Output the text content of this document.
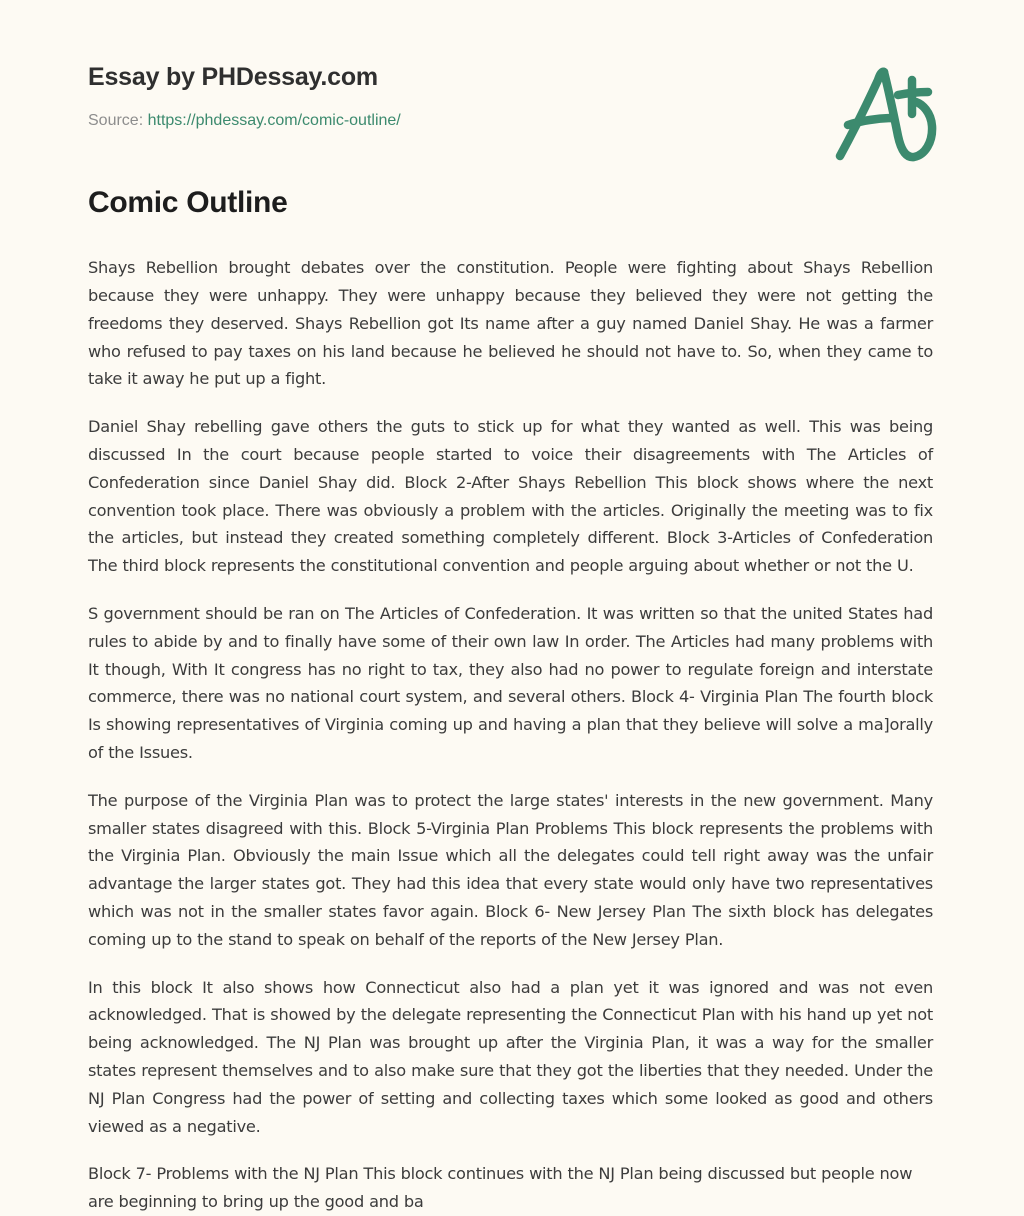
Essay by PHDessay.com
Source: https://phdessay.com/comic-outline/
Comic Outline

Shays Rebellion brought debates over the constitution. People were fighting about Shays Rebellion because they were unhappy. They were unhappy because they believed they were not getting the freedoms they deserved. Shays Rebellion got Its name after a guy named Daniel Shay. He was a farmer who refused to pay taxes on his land because he believed he should not have to. So, when they came to take it away he put up a fight.

Daniel Shay rebelling gave others the guts to stick up for what they wanted as well. This was being discussed In the court because people started to voice their disagreements with The Articles of Confederation since Daniel Shay did. Block 2-After Shays Rebellion This block shows where the next convention took place. There was obviously a problem with the articles. Originally the meeting was to fix the articles, but instead they created something completely different. Block 3-Articles of Confederation The third block represents the constitutional convention and people arguing about whether or not the U.

S government should be ran on The Articles of Confederation. It was written so that the united States had rules to abide by and to finally have some of their own law In order. The Articles had many problems with It though, With It congress has no right to tax, they also had no power to regulate foreign and interstate commerce, there was no national court system, and several others. Block 4- Virginia Plan The fourth block Is showing representatives of Virginia coming up and having a plan that they believe will solve a ma]orally of the Issues.

The purpose of the Virginia Plan was to protect the large states' interests in the new government. Many smaller states disagreed with this. Block 5-Virginia Plan Problems This block represents the problems with the Virginia Plan. Obviously the main Issue which all the delegates could tell right away was the unfair advantage the larger states got. They had this idea that every state would only have two representatives which was not in the smaller states favor again. Block 6- New Jersey Plan The sixth block has delegates coming up to the stand to speak on behalf of the reports of the New Jersey Plan.

In this block It also shows how Connecticut also had a plan yet it was ignored and was not even acknowledged. That is showed by the delegate representing the Connecticut Plan with his hand up yet not being acknowledged. The NJ Plan was brought up after the Virginia Plan, it was a way for the smaller states represent themselves and to also make sure that they got the liberties that they needed. Under the NJ Plan Congress had the power of setting and collecting taxes which some looked as good and others viewed as a negative.

Block 7- Problems with the NJ Plan This block continues with the NJ Plan being discussed but people now are beginning to bring up the good and ba
